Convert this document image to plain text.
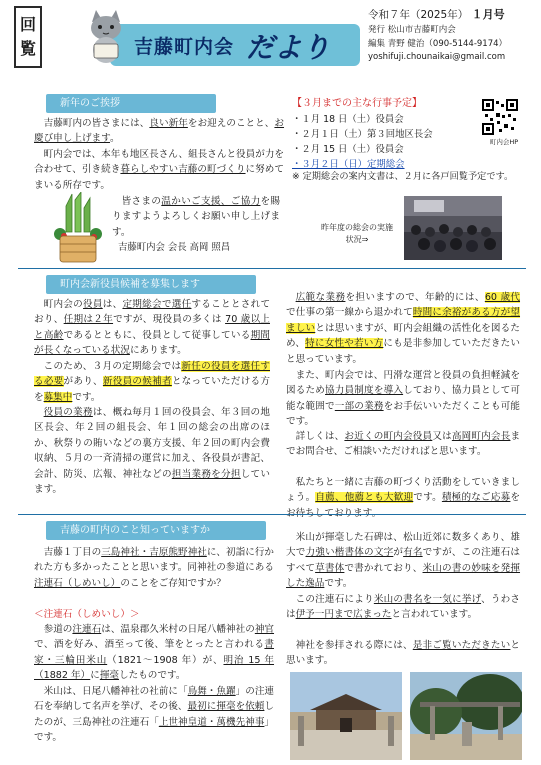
回
覧	吉藤町内会 だより
令和７年（2025年） １月号
発行 松山市吉藤町内会
編集 青野 健治（090-5144-9174）
yoshifuji.chounaikai@gmail.com
新年のご挨拶
吉藤町内の皆さまには、良い新年をお迎えのことと、お慶び申し上げます。
町内会では、本年も地区長さん、組長さんと役員が力を合わせて、引き続き暮らしやすい吉藤の町づくりに努めてまいる所存です。
皆さまの温かいご支援、ご協力を賜りますようよろしくお願い申し上げます。
吉藤町内会 会長 高岡 照昌
【３月までの主な行事予定】
・１月 18 日（土）役員会
・２月１日（土）第３回地区長会
・２月 15 日（土）役員会
・３月２日（日）定期総会
※ 定期総会の案内文書は、２月に各戸回覧予定です。
町内会HP
昨年度の総会の実施状況⇒
町内会新役員候補を募集します
町内会の役員は、定期総会で選任することとされており、任期は２年ですが、現役員の多くは 70 歳以上と高齢であるとともに、役員として従事している期間が長くなっている状況にあります。
このため、３月の定期総会では新任の役員を選任する必要があり、新役員の候補者となっていただける方を募集中です。
役員の業務は、概ね毎月１回の役員会、年３回の地区長会、年２回の組長会、年１回の総会の出席のほか、秋祭りの賄いなどの裏方支援、年２回の町内会費収納、５月の一斉清掃の運営に加え、各役員が書記、会計、防災、広報、神社などの担当業務を分担しています。
広範な業務を担いますので、年齢的には、60 歳代で仕事の第一線から退かれて時間に余裕がある方が望ましいとは思いますが、町内会組織の活性化を図るため、特に女性や若い方にも是非参加していただきたいと思っています。
また、町内会では、円滑な運営と役員の負担軽減を図るため協力員制度を導入しており、協力員として可能な範囲で一部の業務をお手伝いいただくことも可能です。
詳しくは、お近くの町内会役員又は高岡町内会長までお問合せ、ご相談いただければと思います。
私たちと一緒に吉藤の町づくり活動をしていきましょう。自薦、他薦とも大歓迎です。積極的なご応募を
吉藤の町内のこと知っていますか
吉藤１丁目の三島神社・吉原熊野神社に、初詣に行かれた方も多かったことと思います。同神社の参道にある注連石（しめいし）のことをご存知ですか？
＜注連石（しめいし）＞
参道の注連石は、温泉郡久米村の日尾八幡神社の神官で、酒を好み、酒至って後、筆をとったと言われる書家・三輪田米山（1821～1908 年）が、明治 15 年（1882 年）に揮毫したものです。
米山は、日尾八幡神社の社前に「鳥舞・魚躍」の注連石を奉納して名声を挙げ、その後、最初に揮毫を依頼したのが、三島神社の注連石「上世神皇道・萬機先神事」です。
米山が揮毫した石碑は、松山近郊に数多くあり、雄大で力強い楷書体の文字が有名ですが、この注連石はすべて草書体で書かれており、米山の書の妙味を発揮した逸品です。
この注連石により米山の書名を一気に挙げ、うわさは伊予一円まで広まったと言われています。
神社を参拝される際には、是非ご覧いただきたいと思います。
